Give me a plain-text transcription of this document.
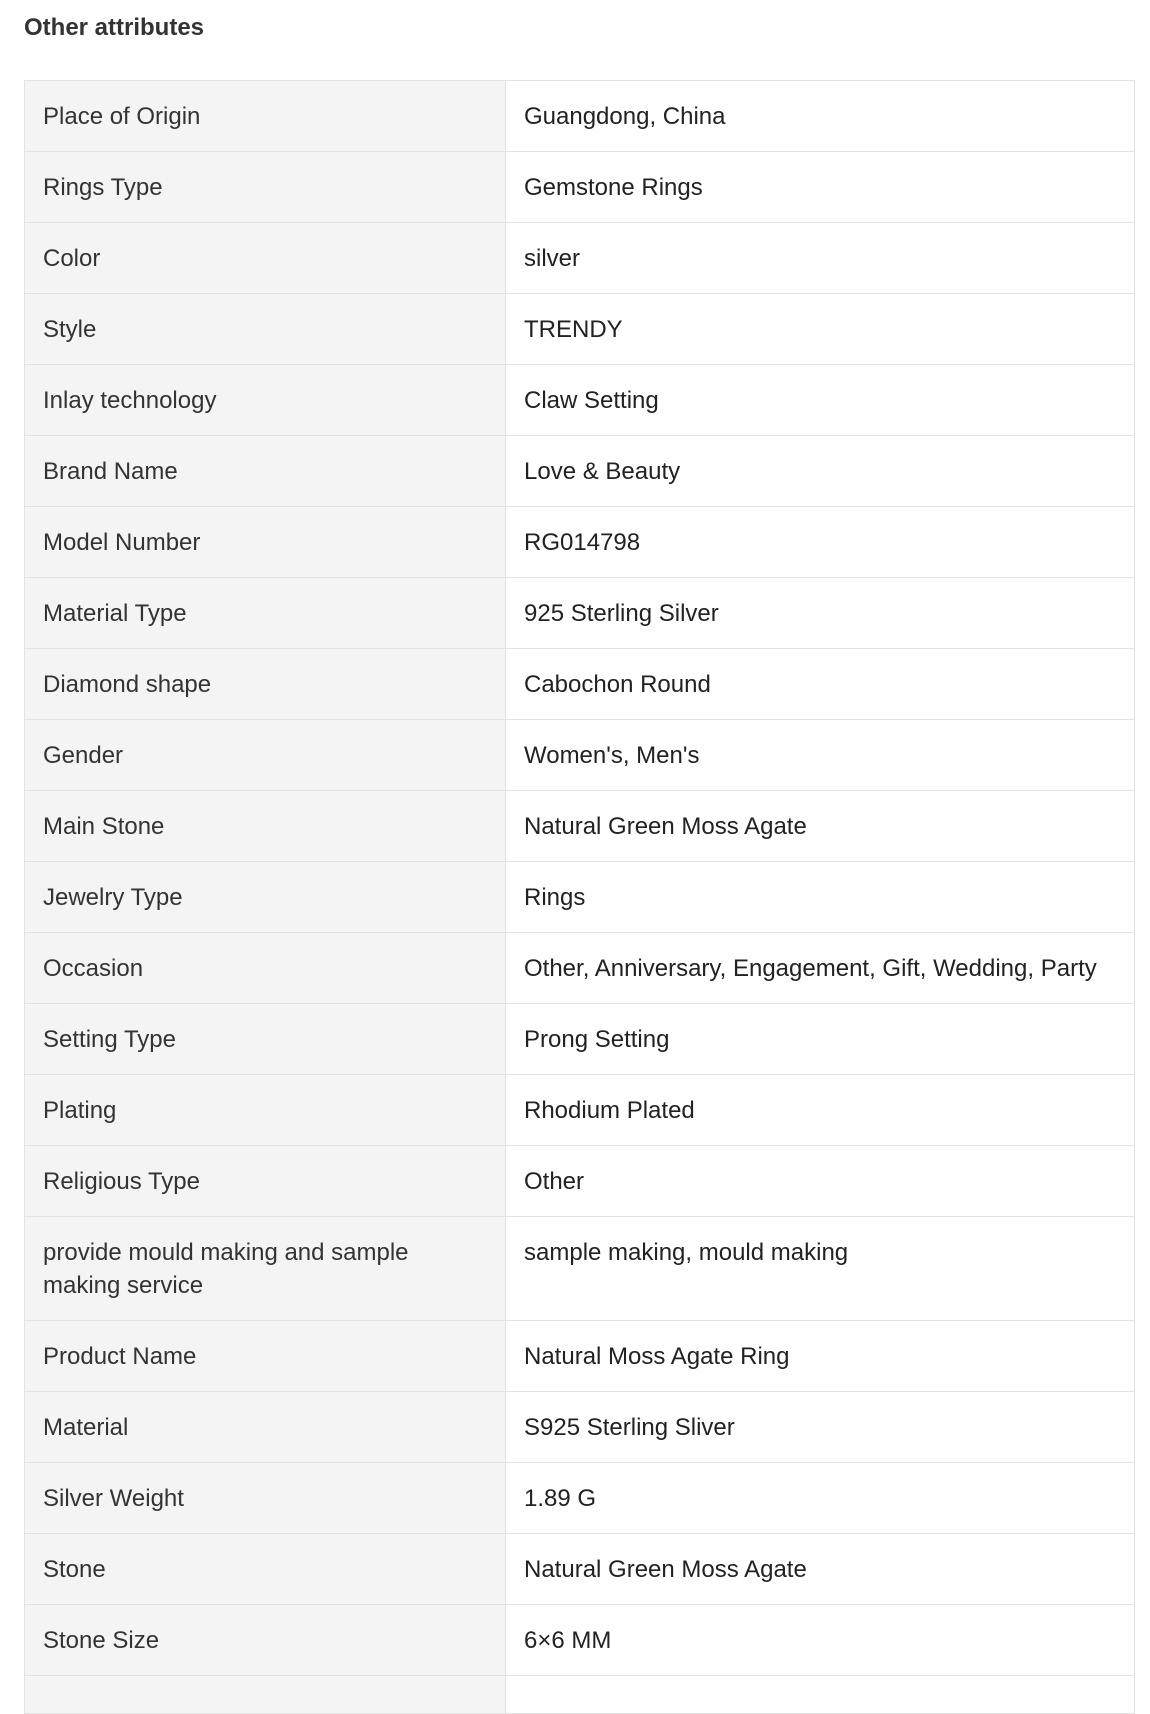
Other attributes
Place of Origin	Guangdong, China
Rings Type	Gemstone Rings
Color	silver
Style	TRENDY
Inlay technology	Claw Setting
Brand Name	Love & Beauty
Model Number	RG014798
Material Type	925 Sterling Silver
Diamond shape	Cabochon Round
Gender	Women's, Men's
Main Stone	Natural Green Moss Agate
Jewelry Type	Rings
Occasion	Other, Anniversary, Engagement, Gift, Wedding, Party
Setting Type	Prong Setting
Plating	Rhodium Plated
Religious Type	Other
provide mould making and sample making service	sample making, mould making
Product Name	Natural Moss Agate Ring
Material	S925 Sterling Sliver
Silver Weight	1.89 G
Stone	Natural Green Moss Agate
Stone Size	6×6 MM
